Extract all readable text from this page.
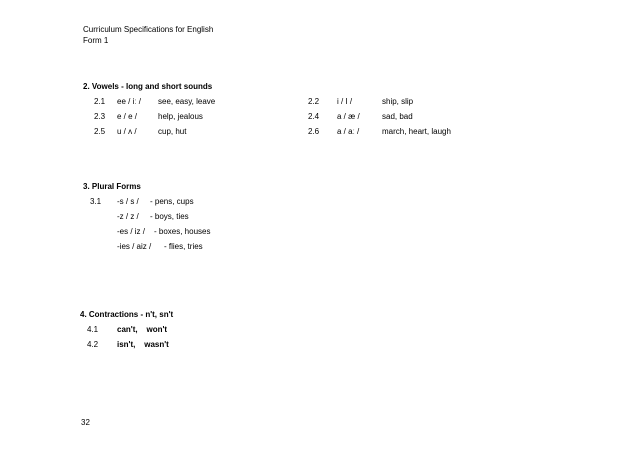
Curriculum Specifications for English
Form 1
2. Vowels - long and short sounds
2.1 ee / iː / see, easy, leave
2.3 e / e /	help, jealous
2.5 u / ʌ /	cup, hut
2.2 i / I /	ship, slip
2.4 a / æ /	sad, bad
2.6 a / aː /	march, heart, laugh
3. Plural Forms
3.1 -s / s / - pens, cups
-z / z / - boys, ties
-es / iz / - boxes, houses
-ies / aiz / - flies, tries
4. Contractions - n't, sn't
4.1 can't,    won't
4.2 isn't,    wasn't
32
